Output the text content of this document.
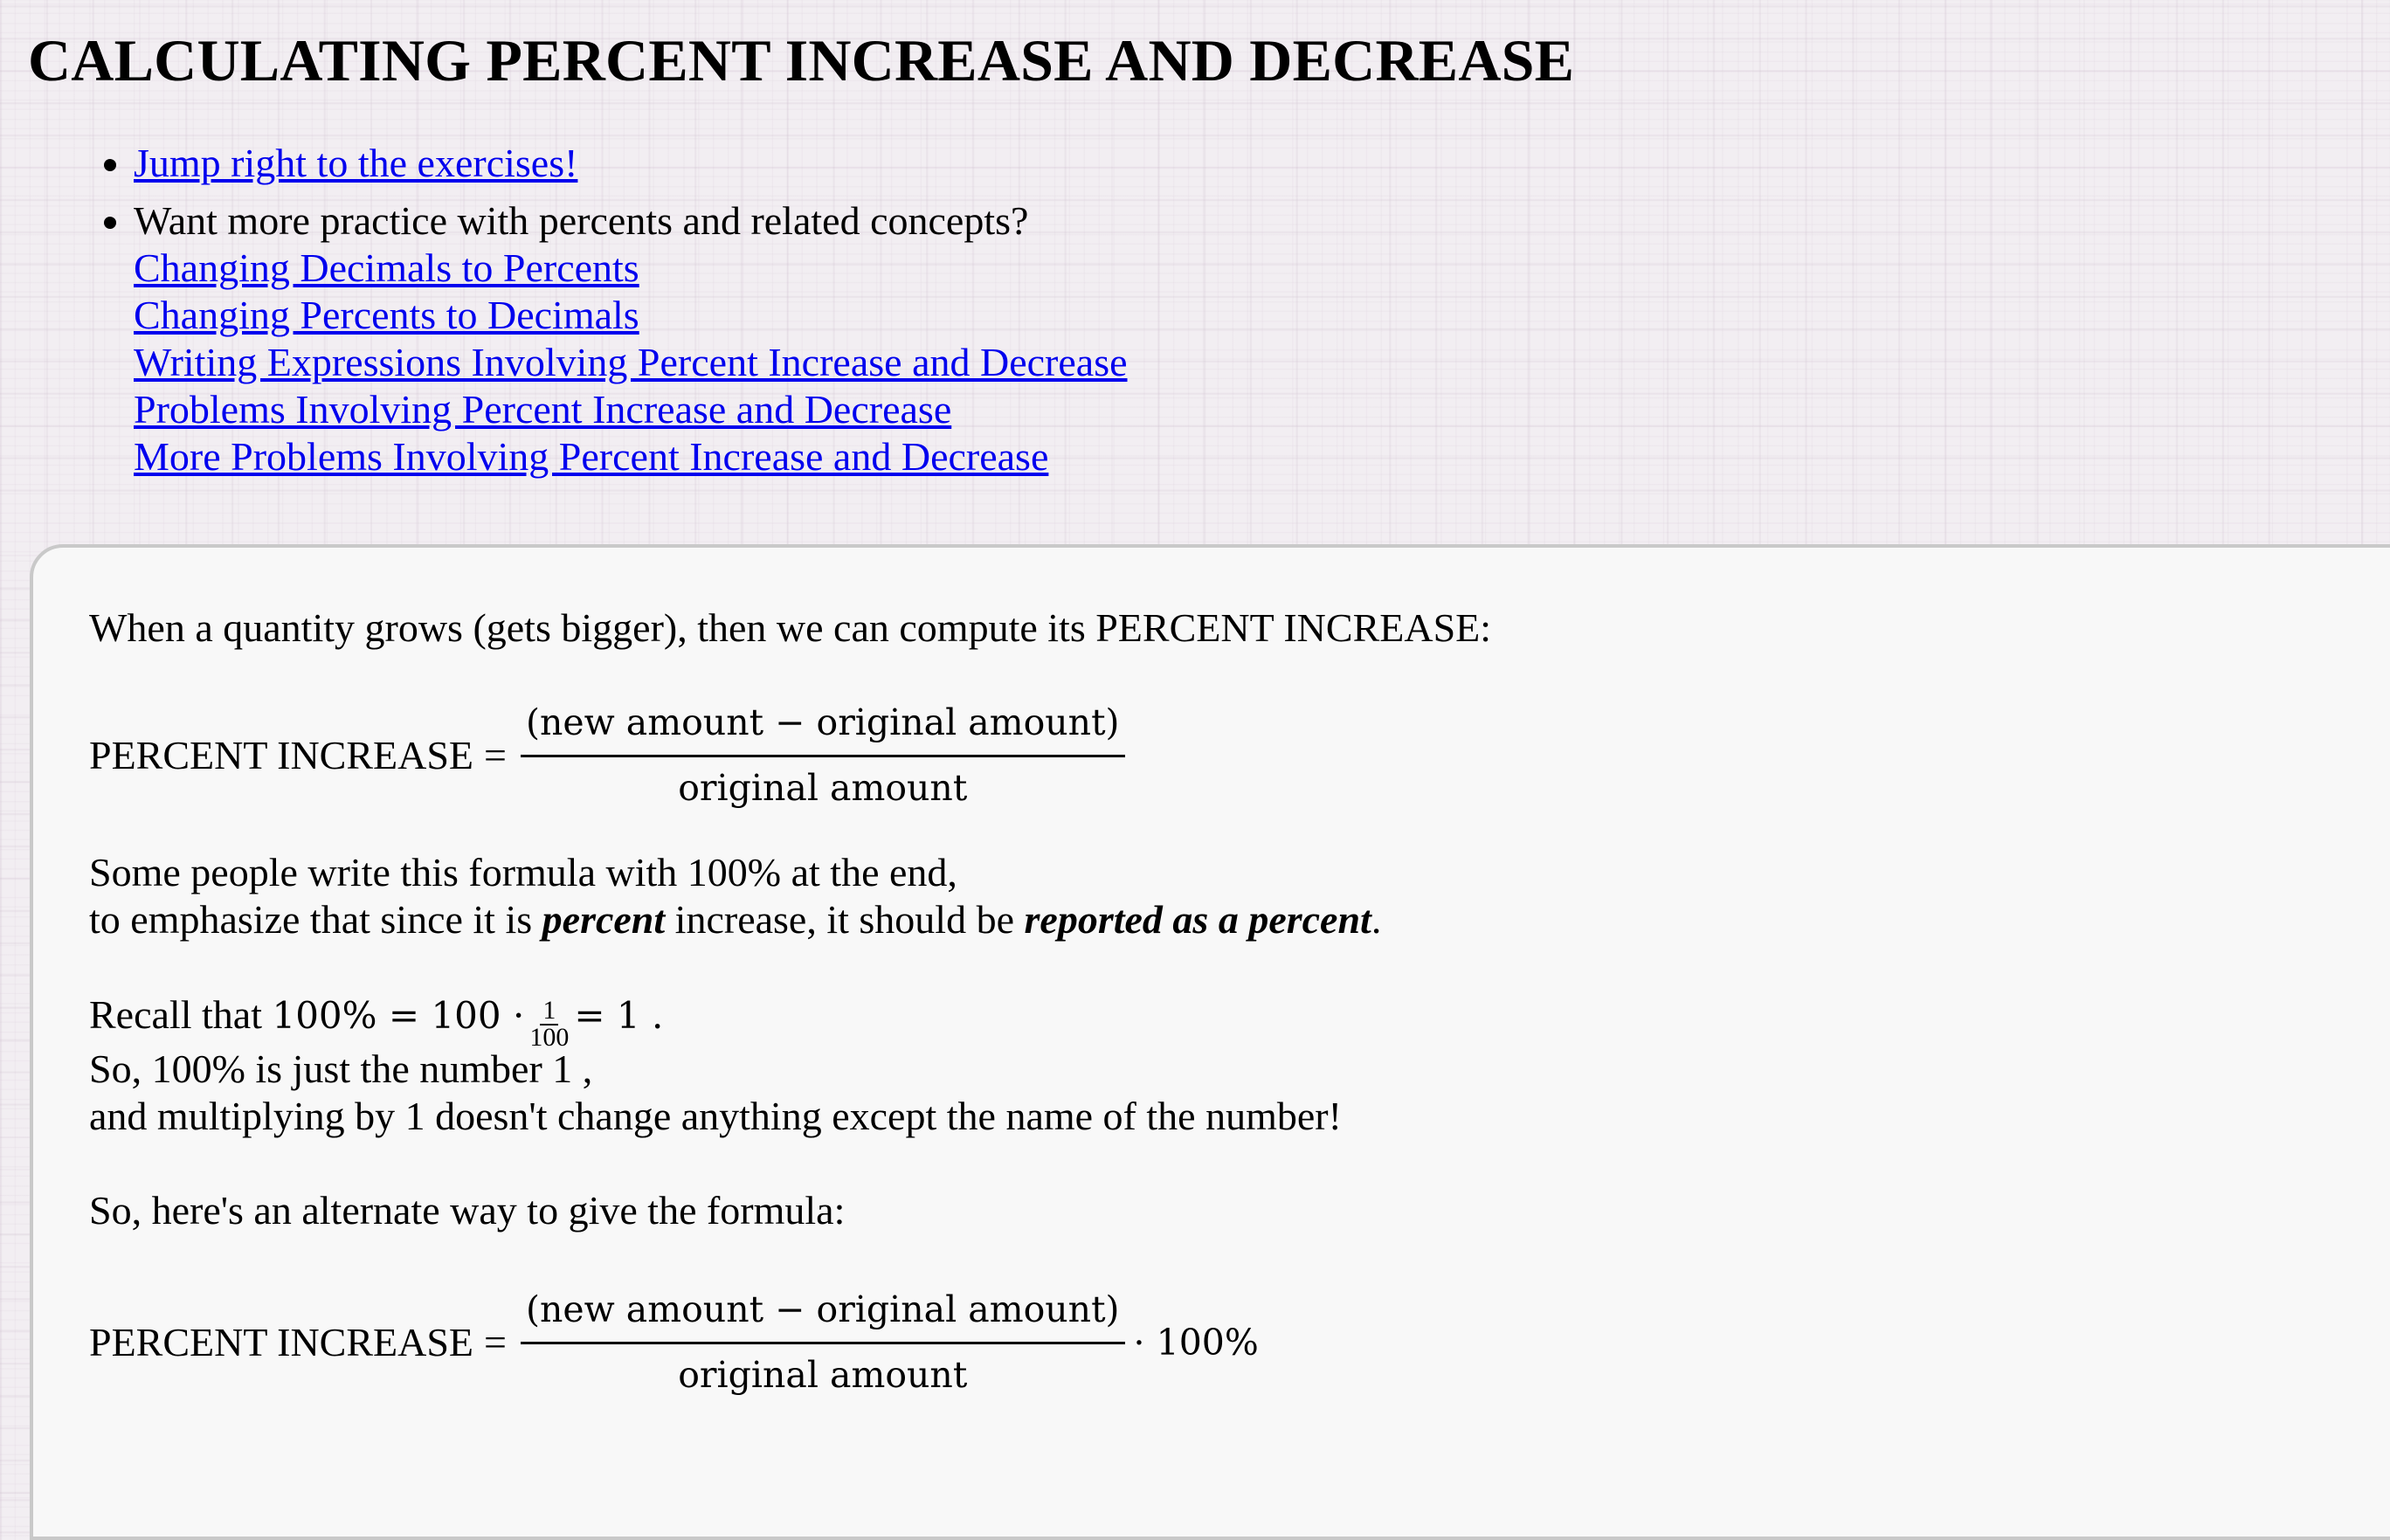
CALCULATING PERCENT INCREASE AND DECREASE
• Jump right to the exercises!
• Want more practice with percents and related concepts?
Changing Decimals to Percents
Changing Percents to Decimals
Writing Expressions Involving Percent Increase and Decrease
Problems Involving Percent Increase and Decrease
More Problems Involving Percent Increase and Decrease

When a quantity grows (gets bigger), then we can compute its PERCENT INCREASE:

PERCENT INCREASE = $\frac{\text{(new amount − original amount)}}{\text{original amount}}$

Some people write this formula with 100% at the end,

to emphasize that since it is percent increase, it should be reported as a percent.

Recall that $100\% = 100 \cdot \frac{1}{100} = 1$ .

So, 100% is just the number 1 ,

and multiplying by 1 doesn't change anything except the name of the number!

So, here's an alternate way to give the formula:

PERCENT INCREASE = $\frac{\text{(new amount − original amount)}}{\text{original amount}} \cdot 100\%$
